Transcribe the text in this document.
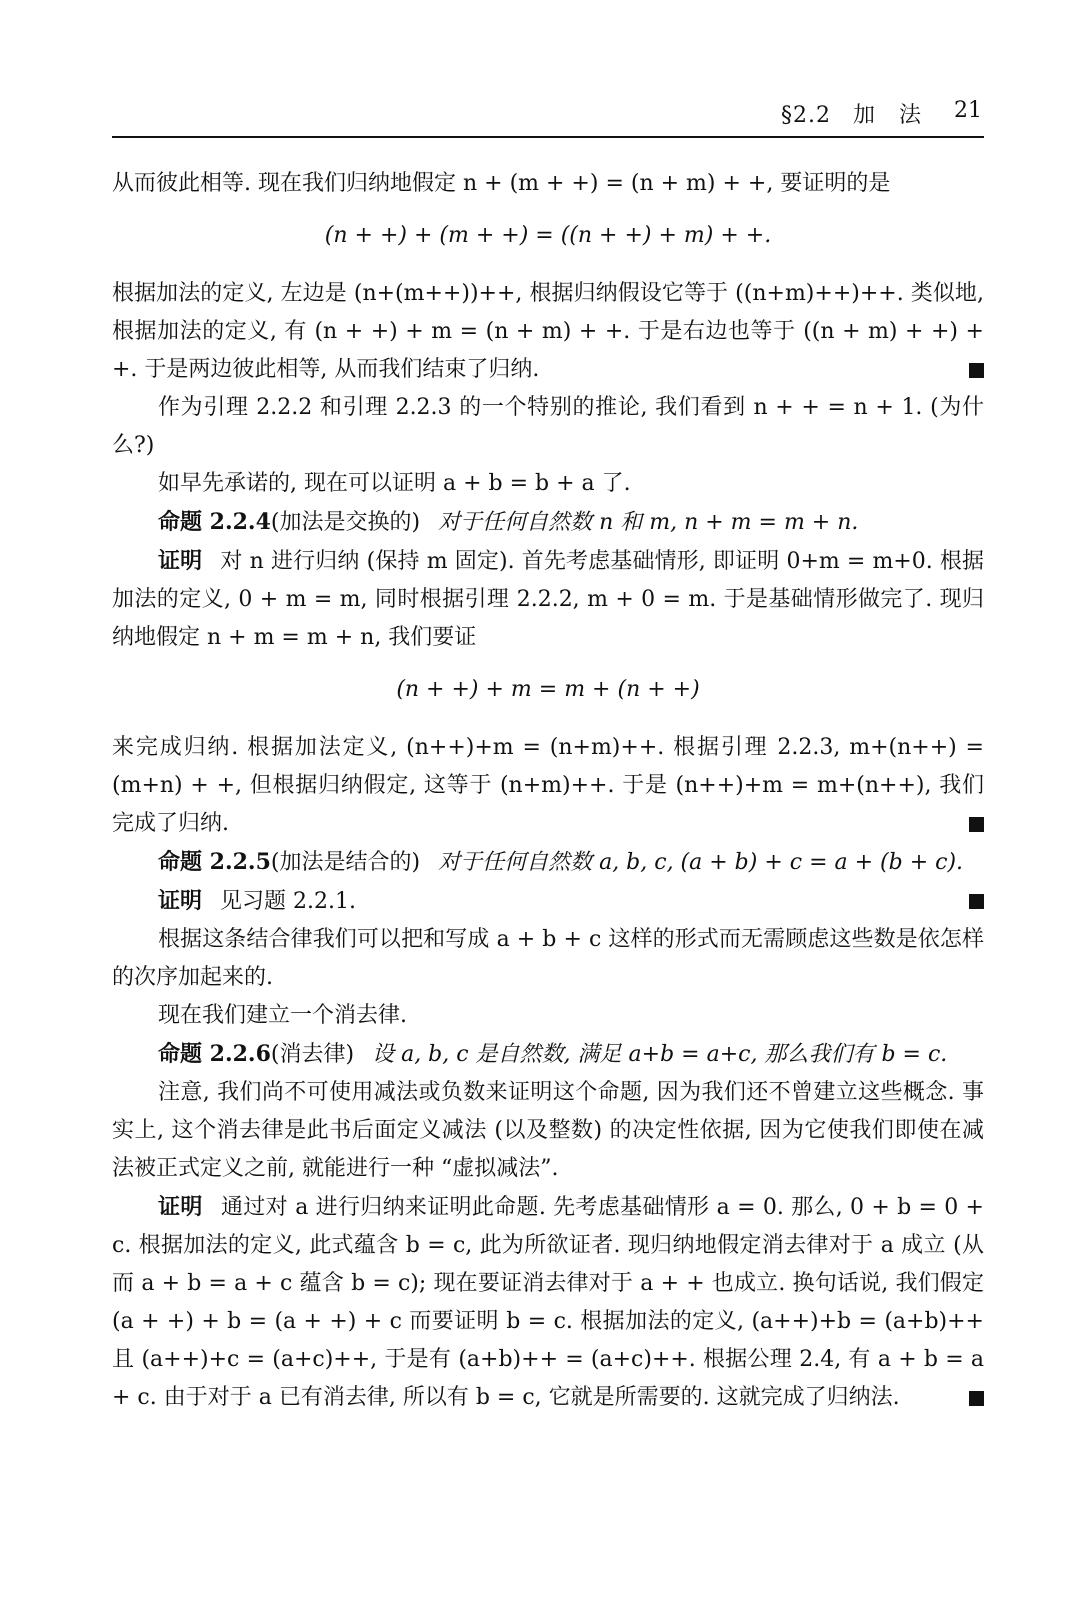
§2.2 加　法 21

从而彼此相等. 现在我们归纳地假定 n + (m + +) = (n + m) + +, 要证明的是

(n + +) + (m + +) = ((n + +) + m) + +.

根据加法的定义, 左边是 (n+(m++))++, 根据归纳假设它等于 ((n+m)++)++. 类似地, 根据加法的定义, 有 (n + +) + m = (n + m) + +. 于是右边也等于 ((n + m) + +) + +. 于是两边彼此相等, 从而我们结束了归纳.

作为引理 2.2.2 和引理 2.2.3 的一个特别的推论, 我们看到 n + + = n + 1. (为什么?)

如早先承诺的, 现在可以证明 a + b = b + a 了.

命题 2.2.4(加法是交换的) 对于任何自然数 n 和 m, n + m = m + n.

证明 对 n 进行归纳 (保持 m 固定). 首先考虑基础情形, 即证明 0+m = m+0. 根据加法的定义, 0 + m = m, 同时根据引理 2.2.2, m + 0 = m. 于是基础情形做完了. 现归纳地假定 n + m = m + n, 我们要证

(n + +) + m = m + (n + +)

来完成归纳. 根据加法定义, (n++)+m = (n+m)++. 根据引理 2.2.3, m+(n++) = (m+n) + +, 但根据归纳假定, 这等于 (n+m)++. 于是 (n++)+m = m+(n++), 我们完成了归纳.

命题 2.2.5(加法是结合的) 对于任何自然数 a, b, c, (a + b) + c = a + (b + c).

证明 见习题 2.2.1.

根据这条结合律我们可以把和写成 a + b + c 这样的形式而无需顾虑这些数是依怎样的次序加起来的.

现在我们建立一个消去律.

命题 2.2.6(消去律) 设 a, b, c 是自然数, 满足 a+b = a+c, 那么我们有 b = c.

注意, 我们尚不可使用减法或负数来证明这个命题, 因为我们还不曾建立这些概念. 事实上, 这个消去律是此书后面定义减法 (以及整数) 的决定性依据, 因为它使我们即使在减法被正式定义之前, 就能进行一种 “虚拟减法”.

证明 通过对 a 进行归纳来证明此命题. 先考虑基础情形 a = 0. 那么, 0 + b = 0 + c. 根据加法的定义, 此式蕴含 b = c, 此为所欲证者. 现归纳地假定消去律对于 a 成立 (从而 a + b = a + c 蕴含 b = c); 现在要证消去律对于 a + + 也成立. 换句话说, 我们假定 (a + +) + b = (a + +) + c 而要证明 b = c. 根据加法的定义, (a++)+b = (a+b)++ 且 (a++)+c = (a+c)++, 于是有 (a+b)++ = (a+c)++. 根据公理 2.4, 有 a + b = a + c. 由于对于 a 已有消去律, 所以有 b = c, 它就是所需要的. 这就完成了归纳法.
